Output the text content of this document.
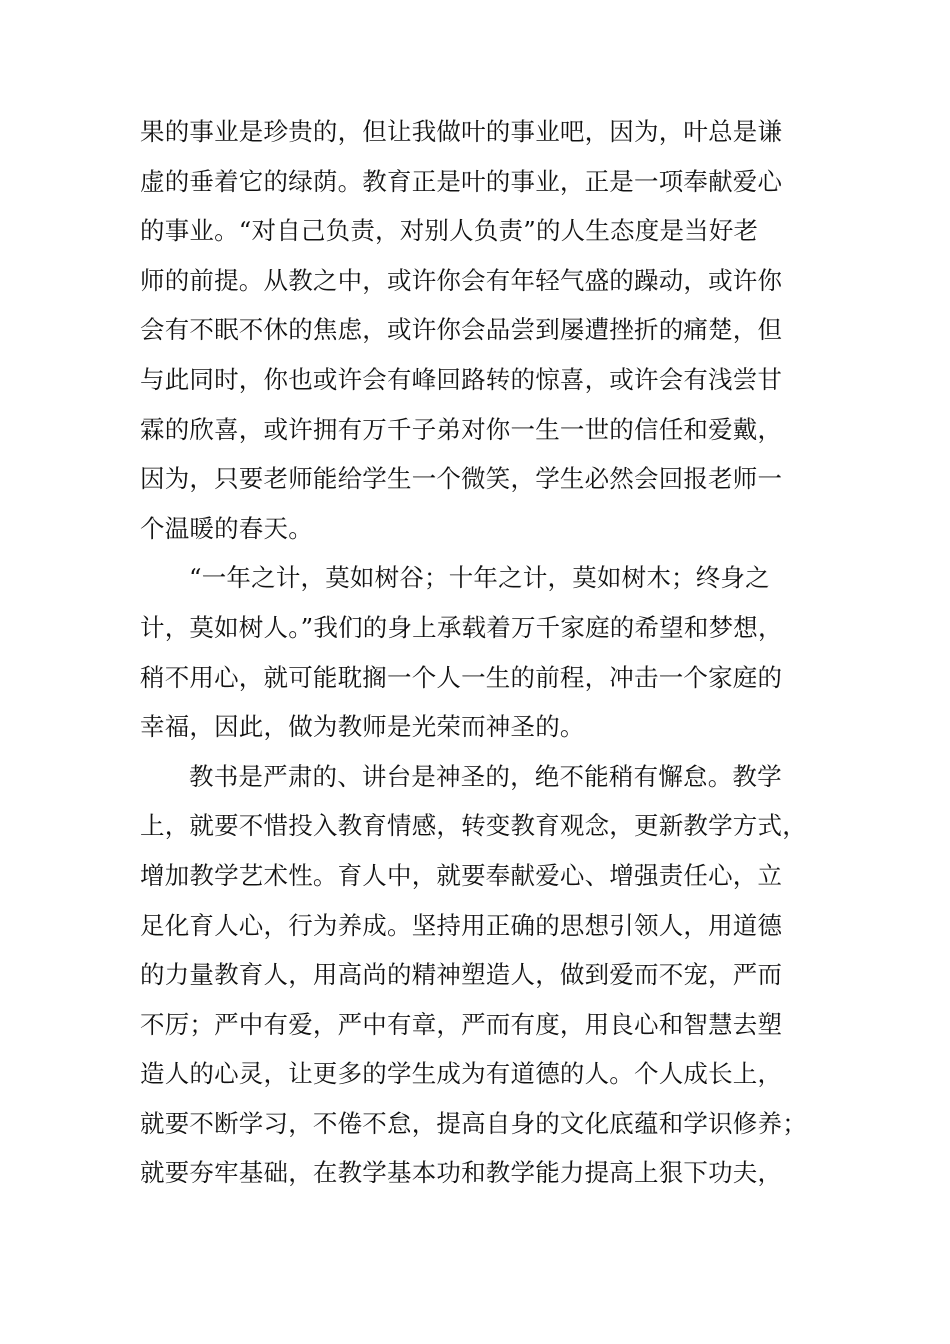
果的事业是珍贵的，但让我做叶的事业吧，因为，叶总是谦
虚的垂着它的绿荫。教育正是叶的事业，正是一项奉献爱心
的事业。“对自己负责，对别人负责”的人生态度是当好老
师的前提。从教之中，或许你会有年轻气盛的躁动，或许你
会有不眠不休的焦虑，或许你会品尝到屡遭挫折的痛楚，但
与此同时，你也或许会有峰回路转的惊喜，或许会有浅尝甘
霖的欣喜，或许拥有万千子弟对你一生一世的信任和爱戴，
因为，只要老师能给学生一个微笑，学生必然会回报老师一
个温暖的春天。
“一年之计，莫如树谷；十年之计，莫如树木；终身之
计，莫如树人。”我们的身上承载着万千家庭的希望和梦想，
稍不用心，就可能耽搁一个人一生的前程，冲击一个家庭的
幸福，因此，做为教师是光荣而神圣的。
教书是严肃的、讲台是神圣的，绝不能稍有懈怠。教学
上，就要不惜投入教育情感，转变教育观念，更新教学方式，
增加教学艺术性。育人中，就要奉献爱心、增强责任心，立
足化育人心，行为养成。坚持用正确的思想引领人，用道德
的力量教育人，用高尚的精神塑造人，做到爱而不宠，严而
不厉；严中有爱，严中有章，严而有度，用良心和智慧去塑
造人的心灵，让更多的学生成为有道德的人。个人成长上，
就要不断学习，不倦不怠，提高自身的文化底蕴和学识修养；
就要夯牢基础，在教学基本功和教学能力提高上狠下功夫，
